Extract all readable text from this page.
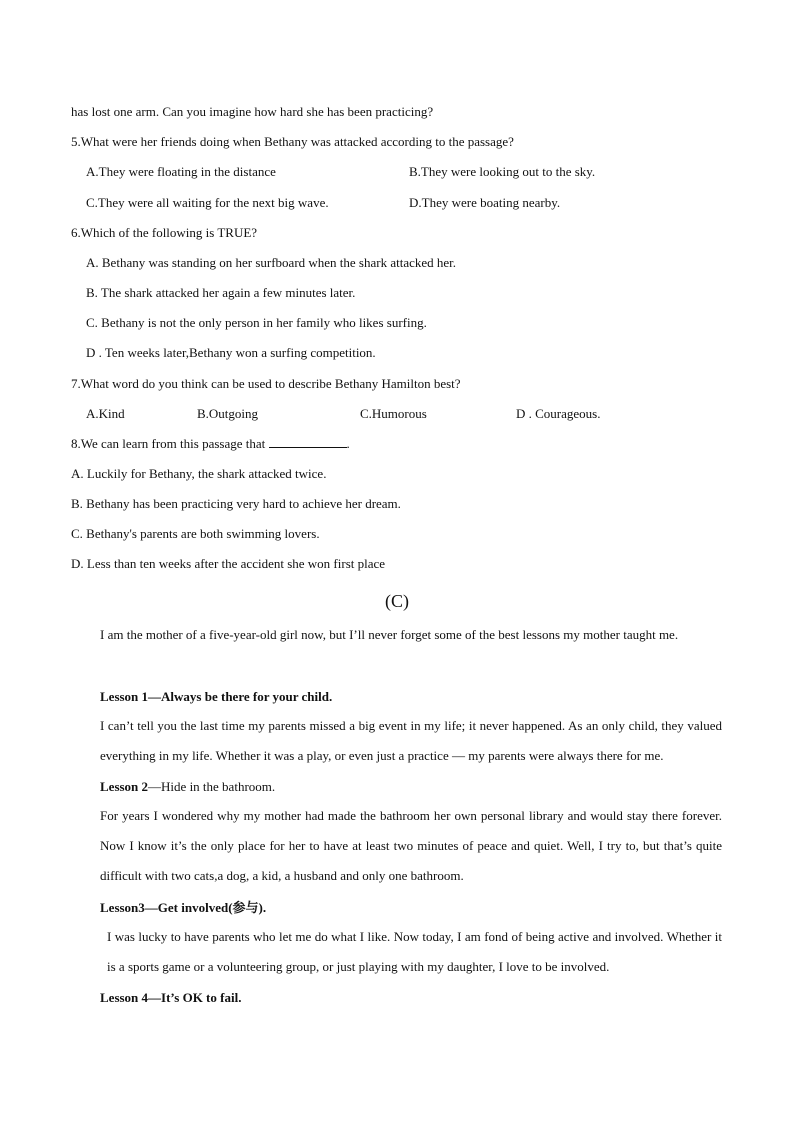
has lost one arm. Can you imagine how hard she has been practicing?
5.What were her friends doing when Bethany was attacked according to the passage?
A.They were floating in the distance	B.They were looking out to the sky.
C.They were all waiting for the next big wave.	D.They were boating nearby.
6.Which of the following is TRUE?
A. Bethany was standing on her surfboard when the shark attacked her.
B. The shark attacked her again a few minutes later.
C. Bethany is not the only person in her family who likes surfing.
D . Ten weeks later,Bethany won a surfing competition.
7.What word do you think can be used to describe Bethany Hamilton best?
A.Kind	B.Outgoing	C.Humorous	D . Courageous.
8.We can learn from this passage that	.
A. Luckily for Bethany, the shark attacked twice.
B. Bethany has been practicing very hard to achieve her dream.
C. Bethany's parents are both swimming lovers.
D. Less than ten weeks after the accident she won first place
(C)
I am the mother of a five-year-old girl now, but I’ll never forget some of the best lessons my mother taught me.
Lesson 1—Always be there for your child.
I can’t tell you the last time my parents missed a big event in my life; it never happened. As an only child, they valued everything in my life. Whether it was a play, or even just a practice — my parents were always there for me.
Lesson 2—Hide in the bathroom.
For years I wondered why my mother had made the bathroom her own personal library and would stay there forever. Now I know it’s the only place for her to have at least two minutes of peace and quiet. Well, I try to, but that’s quite difficult with two cats,a dog, a kid, a husband and only one bathroom.
Lesson3—Get involved(参与).
I was lucky to have parents who let me do what I like. Now today, I am fond of being active and involved. Whether it is a sports game or a volunteering group, or just playing with my daughter, I love to be involved.
Lesson 4—It’s OK to fail.
